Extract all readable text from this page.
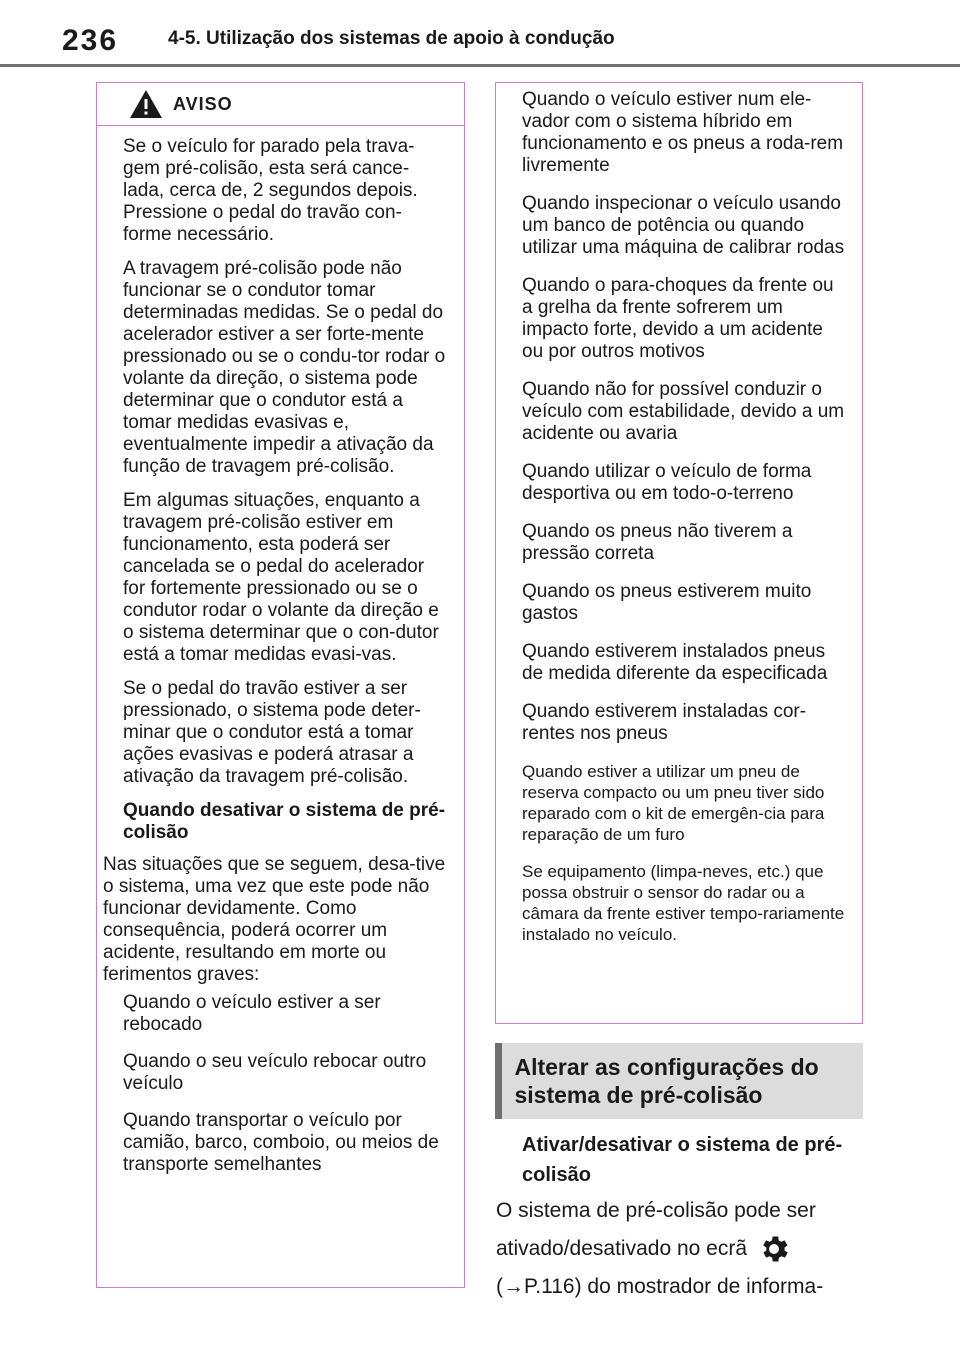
236	4-5. Utilização dos sistemas de apoio à condução
AVISO

Se o veículo for parado pela trava-gem pré-colisão, esta será cance-lada, cerca de, 2 segundos depois. Pressione o pedal do travão con-forme necessário.

A travagem pré-colisão pode não funcionar se o condutor tomar determinadas medidas. Se o pedal do acelerador estiver a ser forte-mente pressionado ou se o condu-tor rodar o volante da direção, o sistema pode determinar que o condutor está a tomar medidas evasivas e, eventualmente impedir a ativação da função de travagem pré-colisão.

Em algumas situações, enquanto a travagem pré-colisão estiver em funcionamento, esta poderá ser cancelada se o pedal do acelerador for fortemente pressionado ou se o condutor rodar o volante da direção e o sistema determinar que o con-dutor está a tomar medidas evasi-vas.

Se o pedal do travão estiver a ser pressionado, o sistema pode deter-minar que o condutor está a tomar ações evasivas e poderá atrasar a ativação da travagem pré-colisão.

Quando desativar o sistema de pré-colisão

Nas situações que se seguem, desa-tive o sistema, uma vez que este pode não funcionar devidamente. Como consequência, poderá ocorrer um acidente, resultando em morte ou ferimentos graves:

Quando o veículo estiver a ser rebocado

Quando o seu veículo rebocar outro veículo

Quando transportar o veículo por camião, barco, comboio, ou meios de transporte semelhantes

Quando o veículo estiver num ele-vador com o sistema híbrido em funcionamento e os pneus a roda-rem livremente

Quando inspecionar o veículo usando um banco de potência ou quando utilizar uma máquina de calibrar rodas

Quando o para-choques da frente ou a grelha da frente sofrerem um impacto forte, devido a um acidente ou por outros motivos

Quando não for possível conduzir o veículo com estabilidade, devido a um acidente ou avaria

Quando utilizar o veículo de forma desportiva ou em todo-o-terreno

Quando os pneus não tiverem a pressão correta

Quando os pneus estiverem muito gastos

Quando estiverem instalados pneus de medida diferente da especificada

Quando estiverem instaladas cor-rentes nos pneus

Quando estiver a utilizar um pneu de reserva compacto ou um pneu tiver sido reparado com o kit de emergên-cia para reparação de um furo

Se equipamento (limpa-neves, etc.) que possa obstruir o sensor do radar ou a câmara da frente estiver tempo-rariamente instalado no veículo.

Alterar as configurações do sistema de pré-colisão
Ativar/desativar o sistema de pré-colisão
O sistema de pré-colisão pode ser ativado/desativado no ecrã
(→P.116) do mostrador de informa-
